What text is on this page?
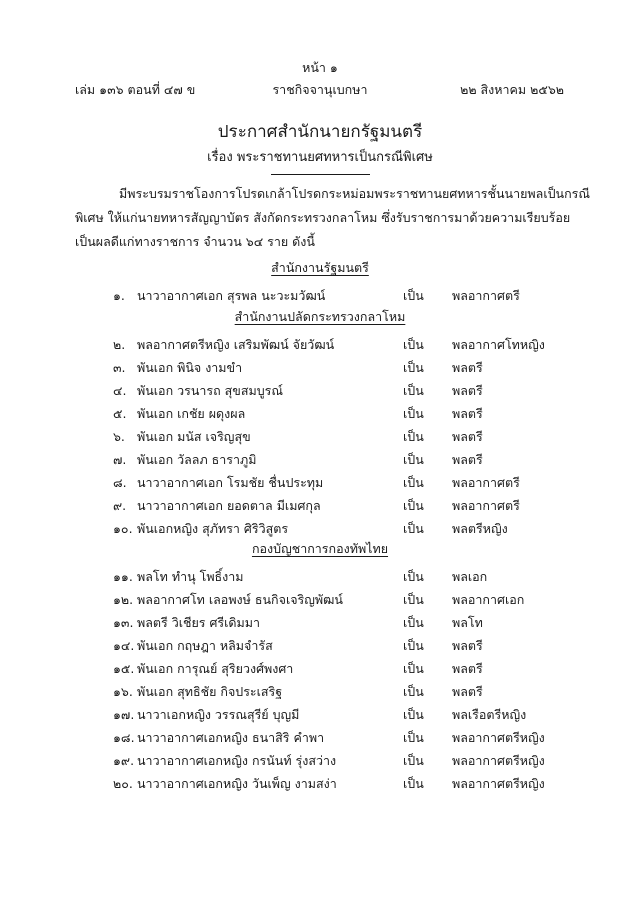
หน้า ๑
เล่ม ๑๓๖ ตอนที่ ๔๗ ข	ราชกิจจานุเบกษา	๒๒ สิงหาคม ๒๕๖๒
ประกาศสำนักนายกรัฐมนตรี
เรื่อง พระราชทานยศทหารเป็นกรณีพิเศษ
มีพระบรมราชโองการโปรดเกล้าโปรดกระหม่อมพระราชทานยศทหารชั้นนายพลเป็นกรณี
พิเศษ ให้แก่นายทหารสัญญาบัตร สังกัดกระทรวงกลาโหม ซึ่งรับราชการมาด้วยความเรียบร้อย
เป็นผลดีแก่ทางราชการ จำนวน ๖๔ ราย ดังนี้
สำนักงานรัฐมนตรี
๑. นาวาอากาศเอก สุรพล นะวะมวัฒน์	เป็น พลอากาศตรี
สำนักงานปลัดกระทรวงกลาโหม
๒. พลอากาศตรีหญิง เสริมพัฒน์ จัยวัฒน์	เป็น พลอากาศโทหญิง
๓. พันเอก พินิจ งามขำ	เป็น พลตรี
๔. พันเอก วรนารถ สุขสมบูรณ์	เป็น พลตรี
๕. พันเอก เกชัย ผดุงผล	เป็น พลตรี
๖. พันเอก มนัส เจริญสุข	เป็น พลตรี
๗. พันเอก วัลลภ ธาราภูมิ	เป็น พลตรี
๘. นาวาอากาศเอก โรมชัย ชื่นประทุม	เป็น พลอากาศตรี
๙. นาวาอากาศเอก ยอดตาล มีเมศกุล	เป็น พลอากาศตรี
๑๐. พันเอกหญิง สุภัทรา ศิริวิสูตร	เป็น พลตรีหญิง
กองบัญชาการกองทัพไทย
๑๑. พลโท ทำนุ โพธิ์งาม	เป็น พลเอก
๑๒. พลอากาศโท เลอพงษ์ ธนกิจเจริญพัฒน์	เป็น พลอากาศเอก
๑๓. พลตรี วิเชียร ศรีเดิมมา	เป็น พลโท
๑๔. พันเอก กฤษฎา หลิมจำรัส	เป็น พลตรี
๑๕. พันเอก การุณย์ สุริยวงศ์พงศา	เป็น พลตรี
๑๖. พันเอก สุทธิชัย กิจประเสริฐ	เป็น พลตรี
๑๗. นาวาเอกหญิง วรรณสุรีย์ บุญมี	เป็น พลเรือตรีหญิง
๑๘. นาวาอากาศเอกหญิง ธนาสิริ คำพา	เป็น พลอากาศตรีหญิง
๑๙. นาวาอากาศเอกหญิง กรนันท์ รุ่งสว่าง	เป็น พลอากาศตรีหญิง
๒๐. นาวาอากาศเอกหญิง วันเพ็ญ งามสง่า	เป็น พลอากาศตรีหญิง
